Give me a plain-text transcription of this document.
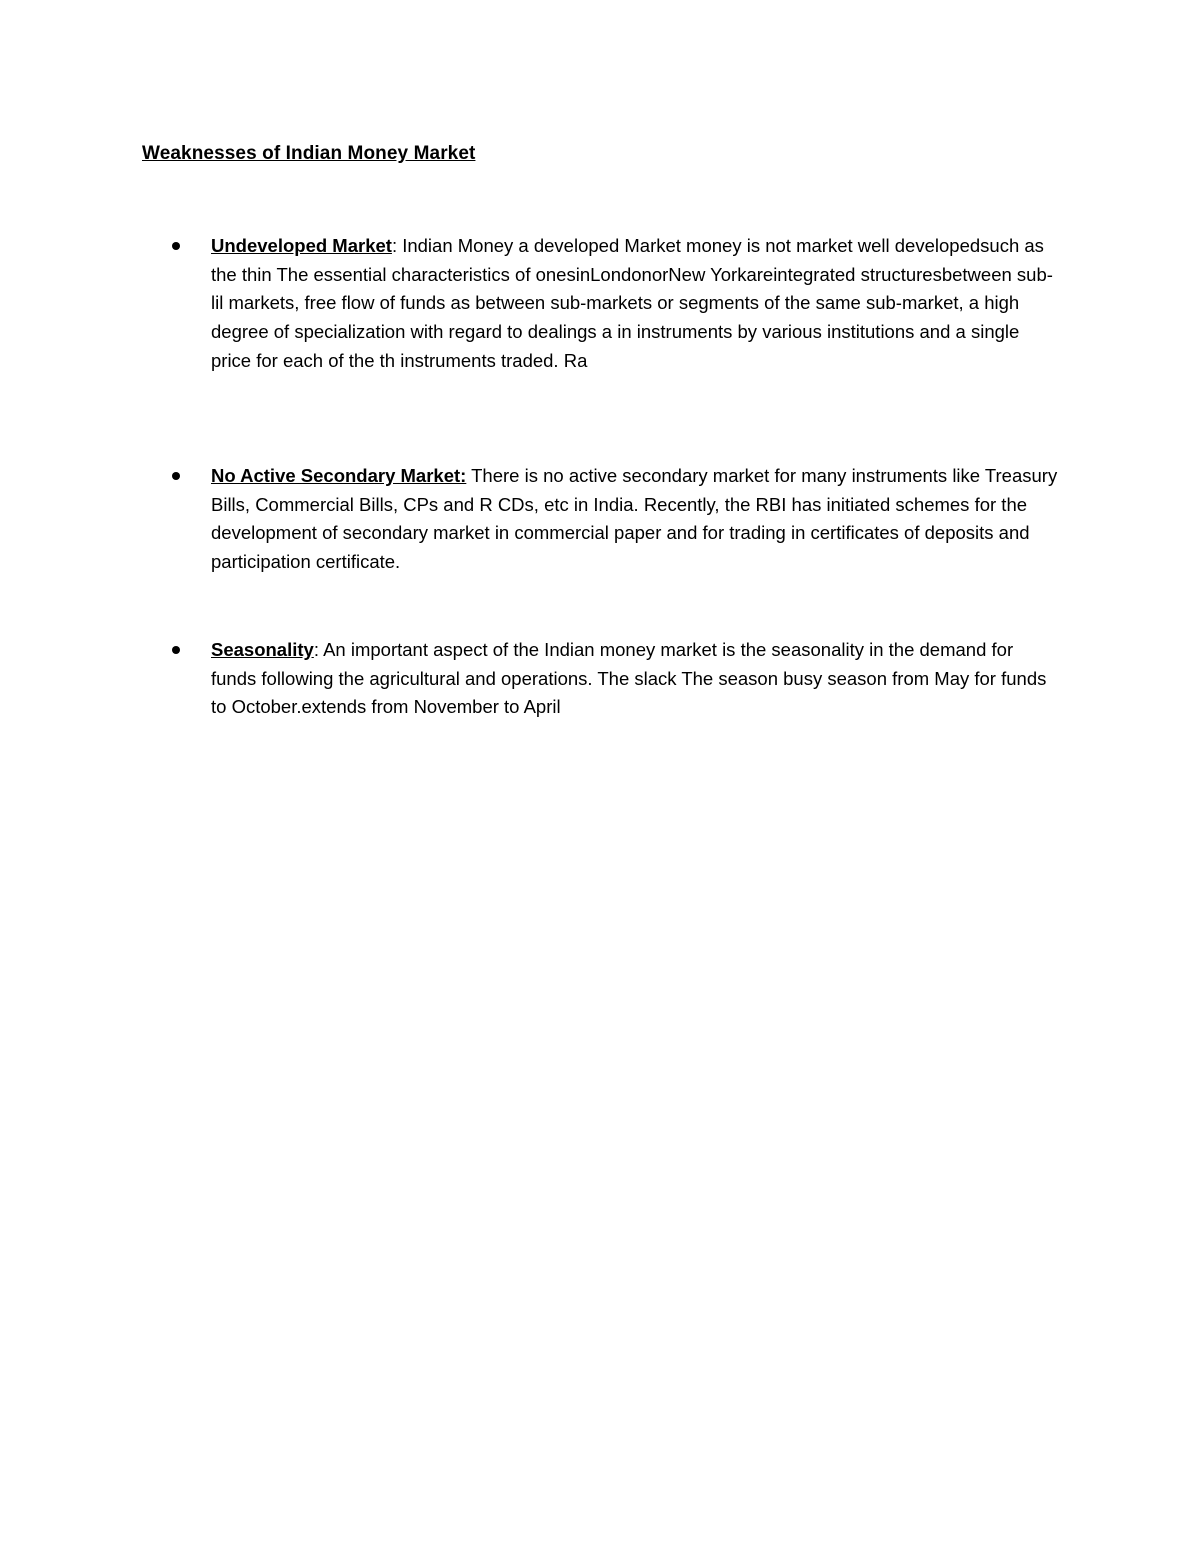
Weaknesses of Indian Money Market

Undeveloped Market: Indian Money a developed Market money is not market well developedsuch as the thin The essential characteristics of onesinLondonorNew Yorkareintegrated structuresbetween sub- lil markets, free flow of funds as between sub-markets or segments of the same sub-market, a high degree of specialization with regard to dealings a in instruments by various institutions and a single price for each of the th instruments traded. Ra

No Active Secondary Market: There is no active secondary market for many instruments like Treasury Bills, Commercial Bills, CPs and R CDs, etc in India. Recently, the RBI has initiated schemes for the development of secondary market in commercial paper and for trading in certificates of deposits and participation certificate.

Seasonality: An important aspect of the Indian money market is the seasonality in the demand for funds following the agricultural and operations. The slack The season busy season from May for funds to October.extends from November to April
